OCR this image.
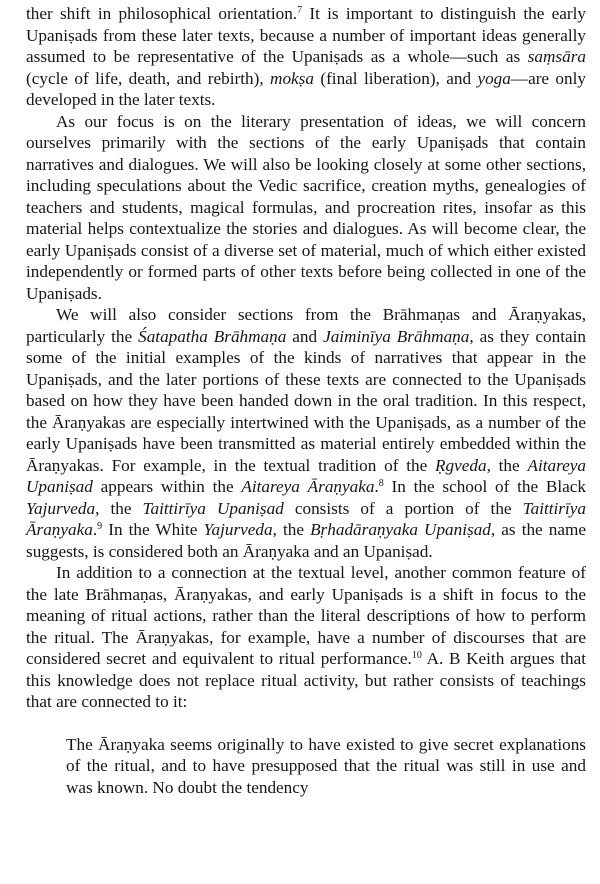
ther shift in philosophical orientation.$^7$ It is important to distinguish the early Upaniṣads from these later texts, because a number of important ideas generally assumed to be representative of the Upaniṣads as a whole—such as saṃsāra (cycle of life, death, and rebirth), mokṣa (final liberation), and yoga—are only developed in the later texts.

As our focus is on the literary presentation of ideas, we will concern ourselves primarily with the sections of the early Upaniṣads that contain narratives and dialogues. We will also be looking closely at some other sections, including speculations about the Vedic sacrifice, creation myths, genealogies of teachers and students, magical formulas, and procreation rites, insofar as this material helps contextualize the stories and dialogues. As will become clear, the early Upaniṣads consist of a diverse set of material, much of which either existed independently or formed parts of other texts before being collected in one of the Upaniṣads.

We will also consider sections from the Brāhmaṇas and Āraṇyakas, particularly the Śatapatha Brāhmaṇa and Jaiminīya Brāhmaṇa, as they contain some of the initial examples of the kinds of narratives that appear in the Upaniṣads, and the later portions of these texts are connected to the Upaniṣads based on how they have been handed down in the oral tradition. In this respect, the Āraṇyakas are especially intertwined with the Upaniṣads, as a number of the early Upaniṣads have been transmitted as material entirely embedded within the Āraṇyakas. For example, in the textual tradition of the Ṛgveda, the Aitareya Upaniṣad appears within the Aitareya Āraṇyaka.$^8$ In the school of the Black Yajurveda, the Taittirīya Upaniṣad consists of a portion of the Taittirīya Āraṇyaka.$^9$ In the White Yajurveda, the Bṛhadāraṇyaka Upaniṣad, as the name suggests, is considered both an Āraṇyaka and an Upaniṣad.

In addition to a connection at the textual level, another common feature of the late Brāhmaṇas, Āraṇyakas, and early Upaniṣads is a shift in focus to the meaning of ritual actions, rather than the literal descriptions of how to perform the ritual. The Āraṇyakas, for example, have a number of discourses that are considered secret and equivalent to ritual performance.$^{10}$ A. B Keith argues that this knowledge does not replace ritual activity, but rather consists of teachings that are connected to it:

The Āraṇyaka seems originally to have existed to give secret explanations of the ritual, and to have presupposed that the ritual was still in use and was known. No doubt the tendency
